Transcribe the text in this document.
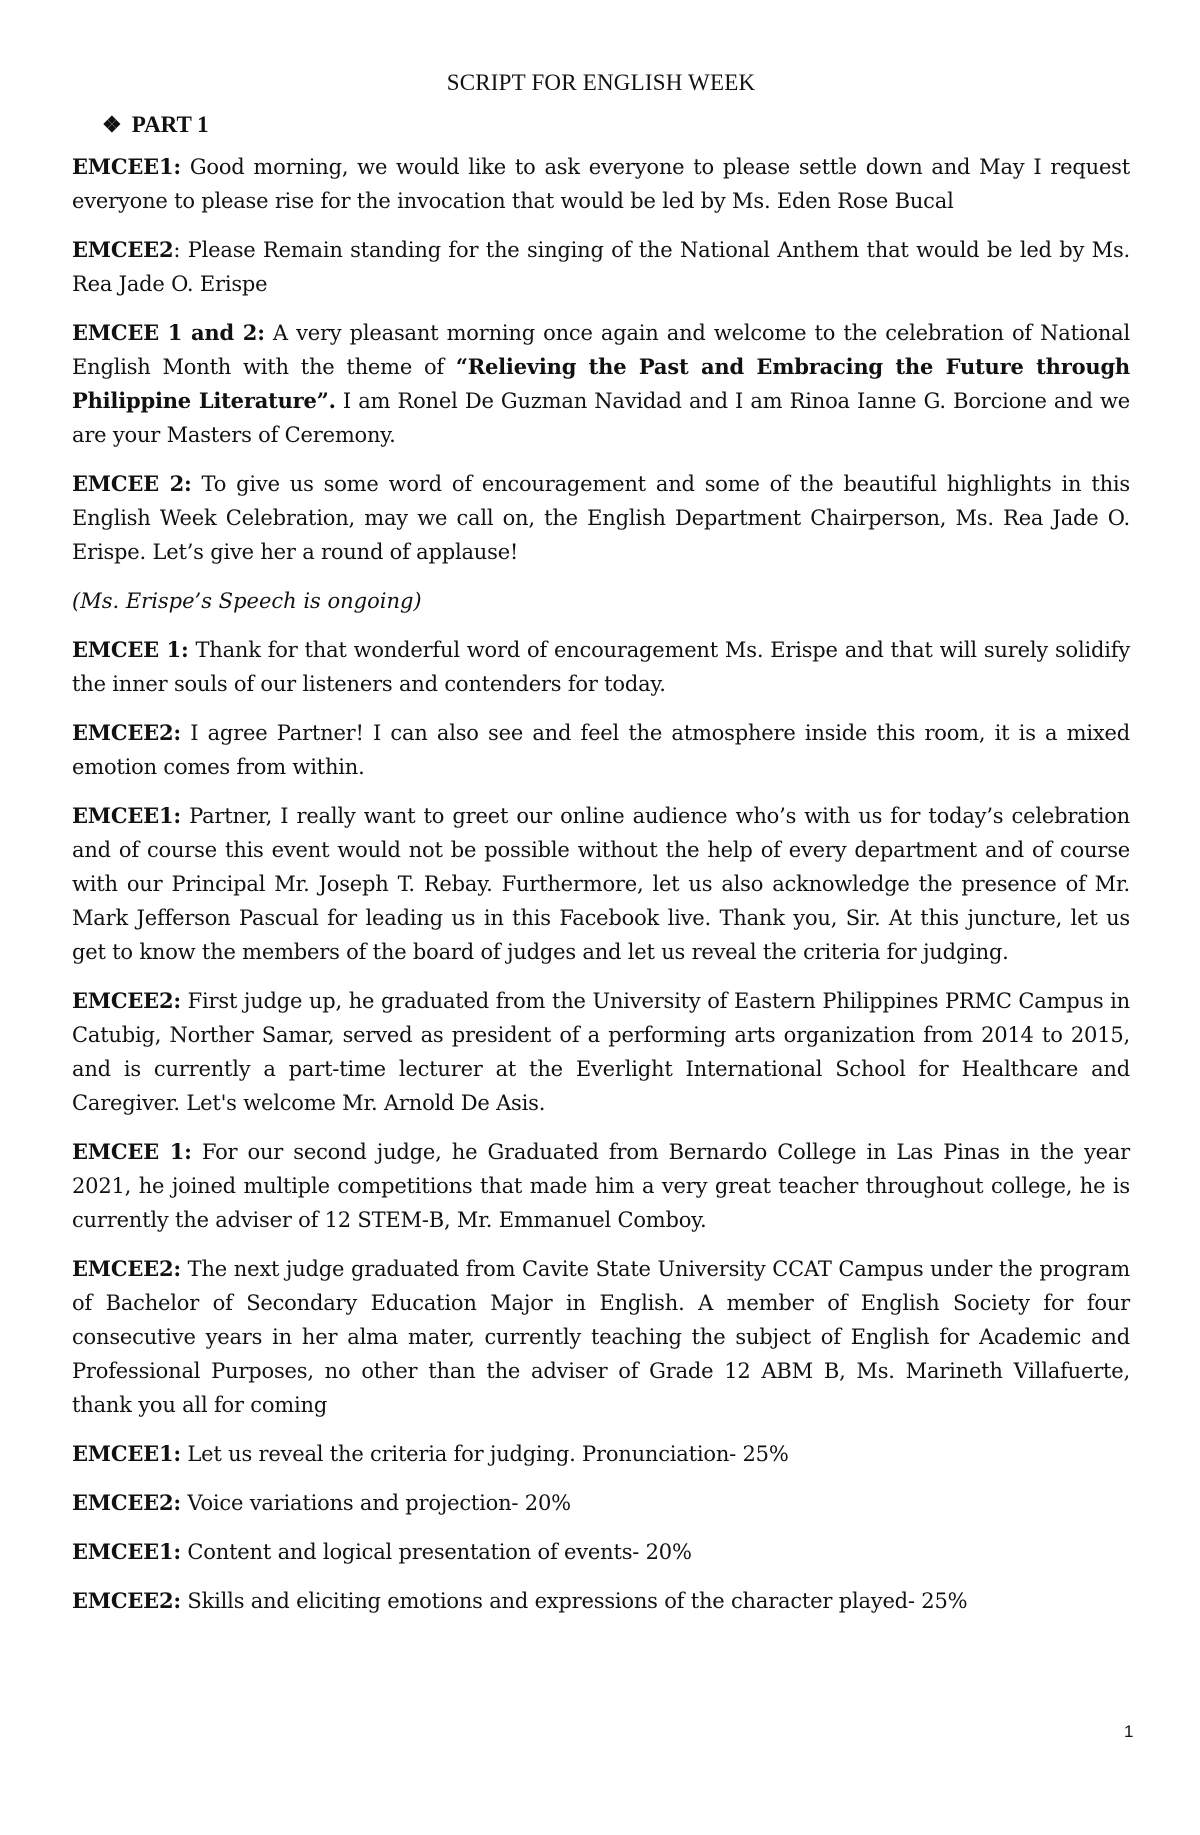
SCRIPT FOR ENGLISH WEEK
❖ PART 1

EMCEE1: Good morning, we would like to ask everyone to please settle down and May I request everyone to please rise for the invocation that would be led by Ms. Eden Rose Bucal

EMCEE2: Please Remain standing for the singing of the National Anthem that would be led by Ms. Rea Jade O. Erispe

EMCEE 1 and 2: A very pleasant morning once again and welcome to the celebration of National English Month with the theme of “Relieving the Past and Embracing the Future through Philippine Literature”. I am Ronel De Guzman Navidad and I am Rinoa Ianne G. Borcione and we are your Masters of Ceremony.

EMCEE 2: To give us some word of encouragement and some of the beautiful highlights in this English Week Celebration, may we call on, the English Department Chairperson, Ms. Rea Jade O. Erispe. Let’s give her a round of applause!

(Ms. Erispe’s Speech is ongoing)

EMCEE 1: Thank for that wonderful word of encouragement Ms. Erispe and that will surely solidify the inner souls of our listeners and contenders for today.

EMCEE2: I agree Partner! I can also see and feel the atmosphere inside this room, it is a mixed emotion comes from within.

EMCEE1: Partner, I really want to greet our online audience who’s with us for today’s celebration and of course this event would not be possible without the help of every department and of course with our Principal Mr. Joseph T. Rebay. Furthermore, let us also acknowledge the presence of Mr. Mark Jefferson Pascual for leading us in this Facebook live. Thank you, Sir. At this juncture, let us get to know the members of the board of judges and let us reveal the criteria for judging.

EMCEE2: First judge up, he graduated from the University of Eastern Philippines PRMC Campus in Catubig, Norther Samar, served as president of a performing arts organization from 2014 to 2015, and is currently a part-time lecturer at the Everlight International School for Healthcare and Caregiver. Let's welcome Mr. Arnold De Asis.

EMCEE 1: For our second judge, he Graduated from Bernardo College in Las Pinas in the year 2021, he joined multiple competitions that made him a very great teacher throughout college, he is currently the adviser of 12 STEM-B, Mr. Emmanuel Comboy.

EMCEE2: The next judge graduated from Cavite State University CCAT Campus under the program of Bachelor of Secondary Education Major in English. A member of English Society for four consecutive years in her alma mater, currently teaching the subject of English for Academic and Professional Purposes, no other than the adviser of Grade 12 ABM B, Ms. Marineth Villafuerte, thank you all for coming

EMCEE1: Let us reveal the criteria for judging. Pronunciation- 25%

EMCEE2: Voice variations and projection- 20%

EMCEE1: Content and logical presentation of events- 20%

EMCEE2: Skills and eliciting emotions and expressions of the character played- 25%

1
